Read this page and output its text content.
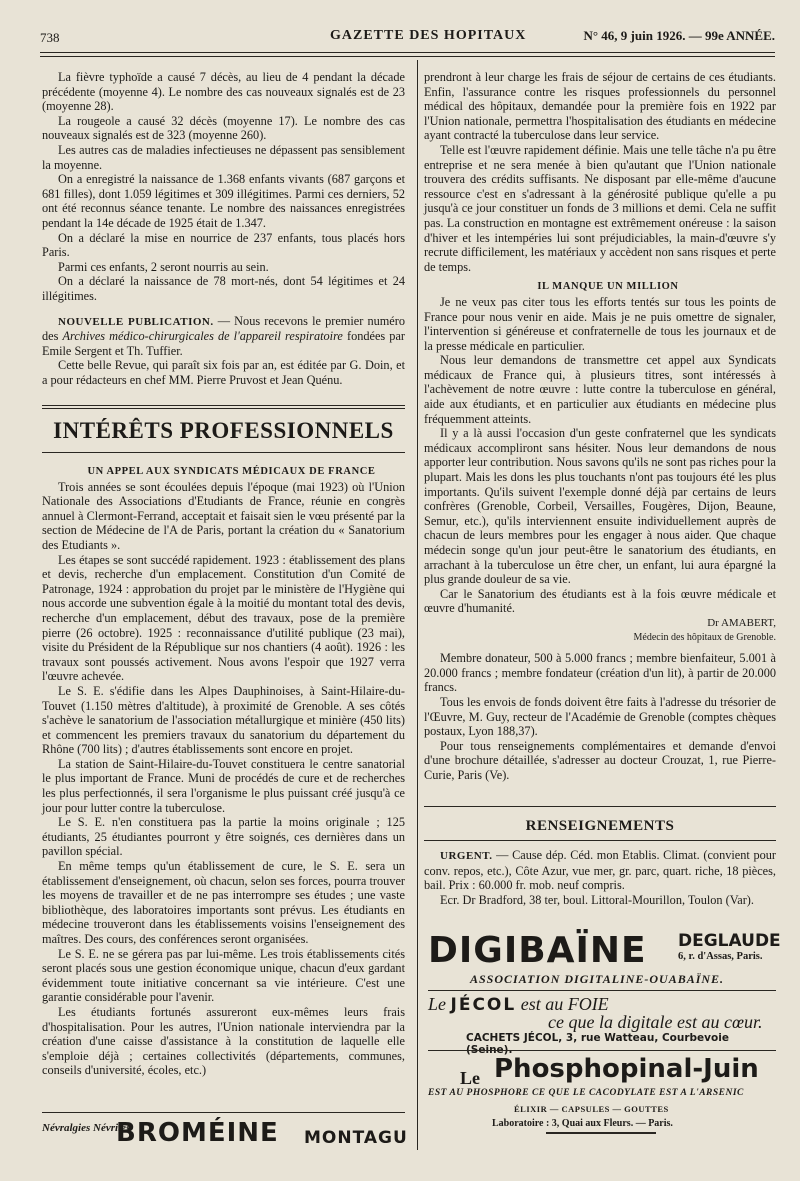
738	GAZETTE DES HOPITAUX	N° 46, 9 juin 1926. — 99e ANNÉE.

La fièvre typhoïde a causé 7 décès, au lieu de 4 pendant la décade précédente (moyenne 4). Le nombre des cas nouveaux signalés est de 23 (moyenne 28).

La rougeole a causé 32 décès (moyenne 17). Le nombre des cas nouveaux signalés est de 323 (moyenne 260).

Les autres cas de maladies infectieuses ne dépassent pas sensiblement la moyenne.

On a enregistré la naissance de 1.368 enfants vivants (687 garçons et 681 filles), dont 1.059 légitimes et 309 illégitimes. Parmi ces derniers, 52 ont été reconnus séance tenante. Le nombre des naissances enregistrées pendant la 14e décade de 1925 était de 1.347.

On a déclaré la mise en nourrice de 237 enfants, tous placés hors Paris.

Parmi ces enfants, 2 seront nourris au sein.

On a déclaré la naissance de 78 mort-nés, dont 54 légitimes et 24 illégitimes.

NOUVELLE PUBLICATION. — Nous recevons le premier numéro des Archives médico-chirurgicales de l'appareil respiratoire fondées par Emile Sergent et Th. Tuffier.

Cette belle Revue, qui paraît six fois par an, est éditée par G. Doin, et a pour rédacteurs en chef MM. Pierre Pruvost et Jean Quénu.

INTÉRÊTS PROFESSIONNELS

UN APPEL AUX SYNDICATS MÉDICAUX DE FRANCE

Trois années se sont écoulées depuis l'époque (mai 1923) où l'Union Nationale des Associations d'Etudiants de France, réunie en congrès annuel à Clermont-Ferrand, acceptait et faisait sien le vœu présenté par la section de Médecine de l'A de Paris, portant la création du « Sanatorium des Etudiants ».

Les étapes se sont succédé rapidement. 1923 : établissement des plans et devis, recherche d'un emplacement. Constitution d'un Comité de Patronage, 1924 : approbation du projet par le ministère de l'Hygiène qui nous accorde une subvention égale à la moitié du montant total des devis, recherche d'un emplacement, début des travaux, pose de la première pierre (26 octobre). 1925 : reconnaissance d'utilité publique (23 mai), visite du Président de la République sur nos chantiers (4 août). 1926 : les travaux sont poussés activement. Nous avons l'espoir que 1927 verra l'œuvre achevée.

Le S. E. s'édifie dans les Alpes Dauphinoises, à Saint-Hilaire-du-Touvet (1.150 mètres d'altitude), à proximité de Grenoble. A ses côtés s'achève le sanatorium de l'association métallurgique et minière (450 lits) et commencent les premiers travaux du sanatorium du département du Rhône (700 lits) ; d'autres établissements sont encore en projet.

La station de Saint-Hilaire-du-Touvet constituera le centre sanatorial le plus important de France. Muni de procédés de cure et de recherches les plus perfectionnés, il sera l'organisme le plus puissant créé jusqu'à ce jour pour lutter contre la tuberculose.

Le S. E. n'en constituera pas la partie la moins originale ; 125 étudiants, 25 étudiantes pourront y être soignés, ces dernières dans un pavillon spécial.

En même temps qu'un établissement de cure, le S. E. sera un établissement d'enseignement, où chacun, selon ses forces, pourra trouver les moyens de travailler et de ne pas interrompre ses études ; une vaste bibliothèque, des laboratoires importants sont prévus. Les étudiants en médecine trouveront dans les établissements voisins l'enseignement des maîtres. Des cours, des conférences seront organisées.

Le S. E. ne se gérera pas par lui-même. Les trois établissements cités seront placés sous une gestion économique unique, chacun d'eux gardant évidemment toute initiative concernant sa vie intérieure. C'est une garantie considérable pour l'avenir.

Les étudiants fortunés assureront eux-mêmes leurs frais d'hospitalisation. Pour les autres, l'Union nationale interviendra par la création d'une caisse d'assistance à la constitution de laquelle elle s'emploie déjà ; certaines collectivités (départements, communes, conseils d'université, écoles, etc.)

Névralgies Névrites
BROMÉINE MONTAGU

prendront à leur charge les frais de séjour de certains de ces étudiants. Enfin, l'assurance contre les risques professionnels du personnel médical des hôpitaux, demandée pour la première fois en 1922 par l'Union nationale, permettra l'hospitalisation des étudiants en médecine ayant contracté la tuberculose dans leur service.

Telle est l'œuvre rapidement définie. Mais une telle tâche n'a pu être entreprise et ne sera menée à bien qu'autant que l'Union nationale trouvera des crédits suffisants. Ne disposant par elle-même d'aucune ressource c'est en s'adressant à la générosité publique qu'elle a pu jusqu'à ce jour constituer un fonds de 3 millions et demi. Cela ne suffit pas. La construction en montagne est extrêmement onéreuse : la saison d'hiver et les intempéries lui sont préjudiciables, la main-d'œuvre s'y recrute difficilement, les matériaux y accèdent non sans risques et perte de temps.

IL MANQUE UN MILLION

Je ne veux pas citer tous les efforts tentés sur tous les points de France pour nous venir en aide. Mais je ne puis omettre de signaler, l'intervention si généreuse et confraternelle de tous les journaux et de la presse médicale en particulier.

Nous leur demandons de transmettre cet appel aux Syndicats médicaux de France qui, à plusieurs titres, sont intéressés à l'achèvement de notre œuvre : lutte contre la tuberculose en général, aide aux étudiants, et en particulier aux étudiants en médecine plus fréquemment atteints.

Il y a là aussi l'occasion d'un geste confraternel que les syndicats médicaux accompliront sans hésiter. Nous leur demandons de nous apporter leur contribution. Nous savons qu'ils ne sont pas riches pour la plupart. Mais les dons les plus touchants n'ont pas toujours été les plus importants. Qu'ils suivent l'exemple donné déjà par certains de leurs confrères (Grenoble, Corbeil, Versailles, Fougères, Dijon, Beaune, Semur, etc.), qu'ils interviennent ensuite individuellement auprès de chacun de leurs membres pour les engager à nous aider. Que chaque médecin songe qu'un jour peut-être le sanatorium des étudiants, en arrachant à la tuberculose un être cher, un enfant, lui aura épargné la plus grande douleur de sa vie.

Car le Sanatorium des étudiants est à la fois œuvre médicale et œuvre d'humanité.

Dr AMABERT,

Médecin des hôpitaux de Grenoble.

Membre donateur, 500 à 5.000 francs ; membre bienfaiteur, 5.001 à 20.000 francs ; membre fondateur (création d'un lit), à partir de 20.000 francs.

Tous les envois de fonds doivent être faits à l'adresse du trésorier de l'Œuvre, M. Guy, recteur de l'Académie de Grenoble (comptes chèques postaux, Lyon 188,37).

Pour tous renseignements complémentaires et demande d'envoi d'une brochure détaillée, s'adresser au docteur Crouzat, 1, rue Pierre-Curie, Paris (Ve).

RENSEIGNEMENTS

URGENT. — Cause dép. Céd. mon Etablis. Climat. (convient pour conv. repos, etc.), Côte Azur, vue mer, gr. parc, quart. riche, 18 pièces, bail. Prix : 60.000 fr. mob. neuf compris.

Ecr. Dr Bradford, 38 ter, boul. Littoral-Mourillon, Toulon (Var).

DIGIBAÏNE DEGLAUDE
6, r. d'Assas, Paris.
ASSOCIATION DIGITALINE-OUABAÏNE.
Le JÉCOL est au FOIE
ce que la digitale est au cœur.
CACHETS JÉCOL, 3, rue Watteau, Courbevoie (Seine).
Le Phosphopinal-Juin
EST AU PHOSPHORE CE QUE LE CACODYLATE EST A L'ARSENIC
ÉLIXIR — CAPSULES — GOUTTES
Laboratoire : 3, Quai aux Fleurs. — Paris.
